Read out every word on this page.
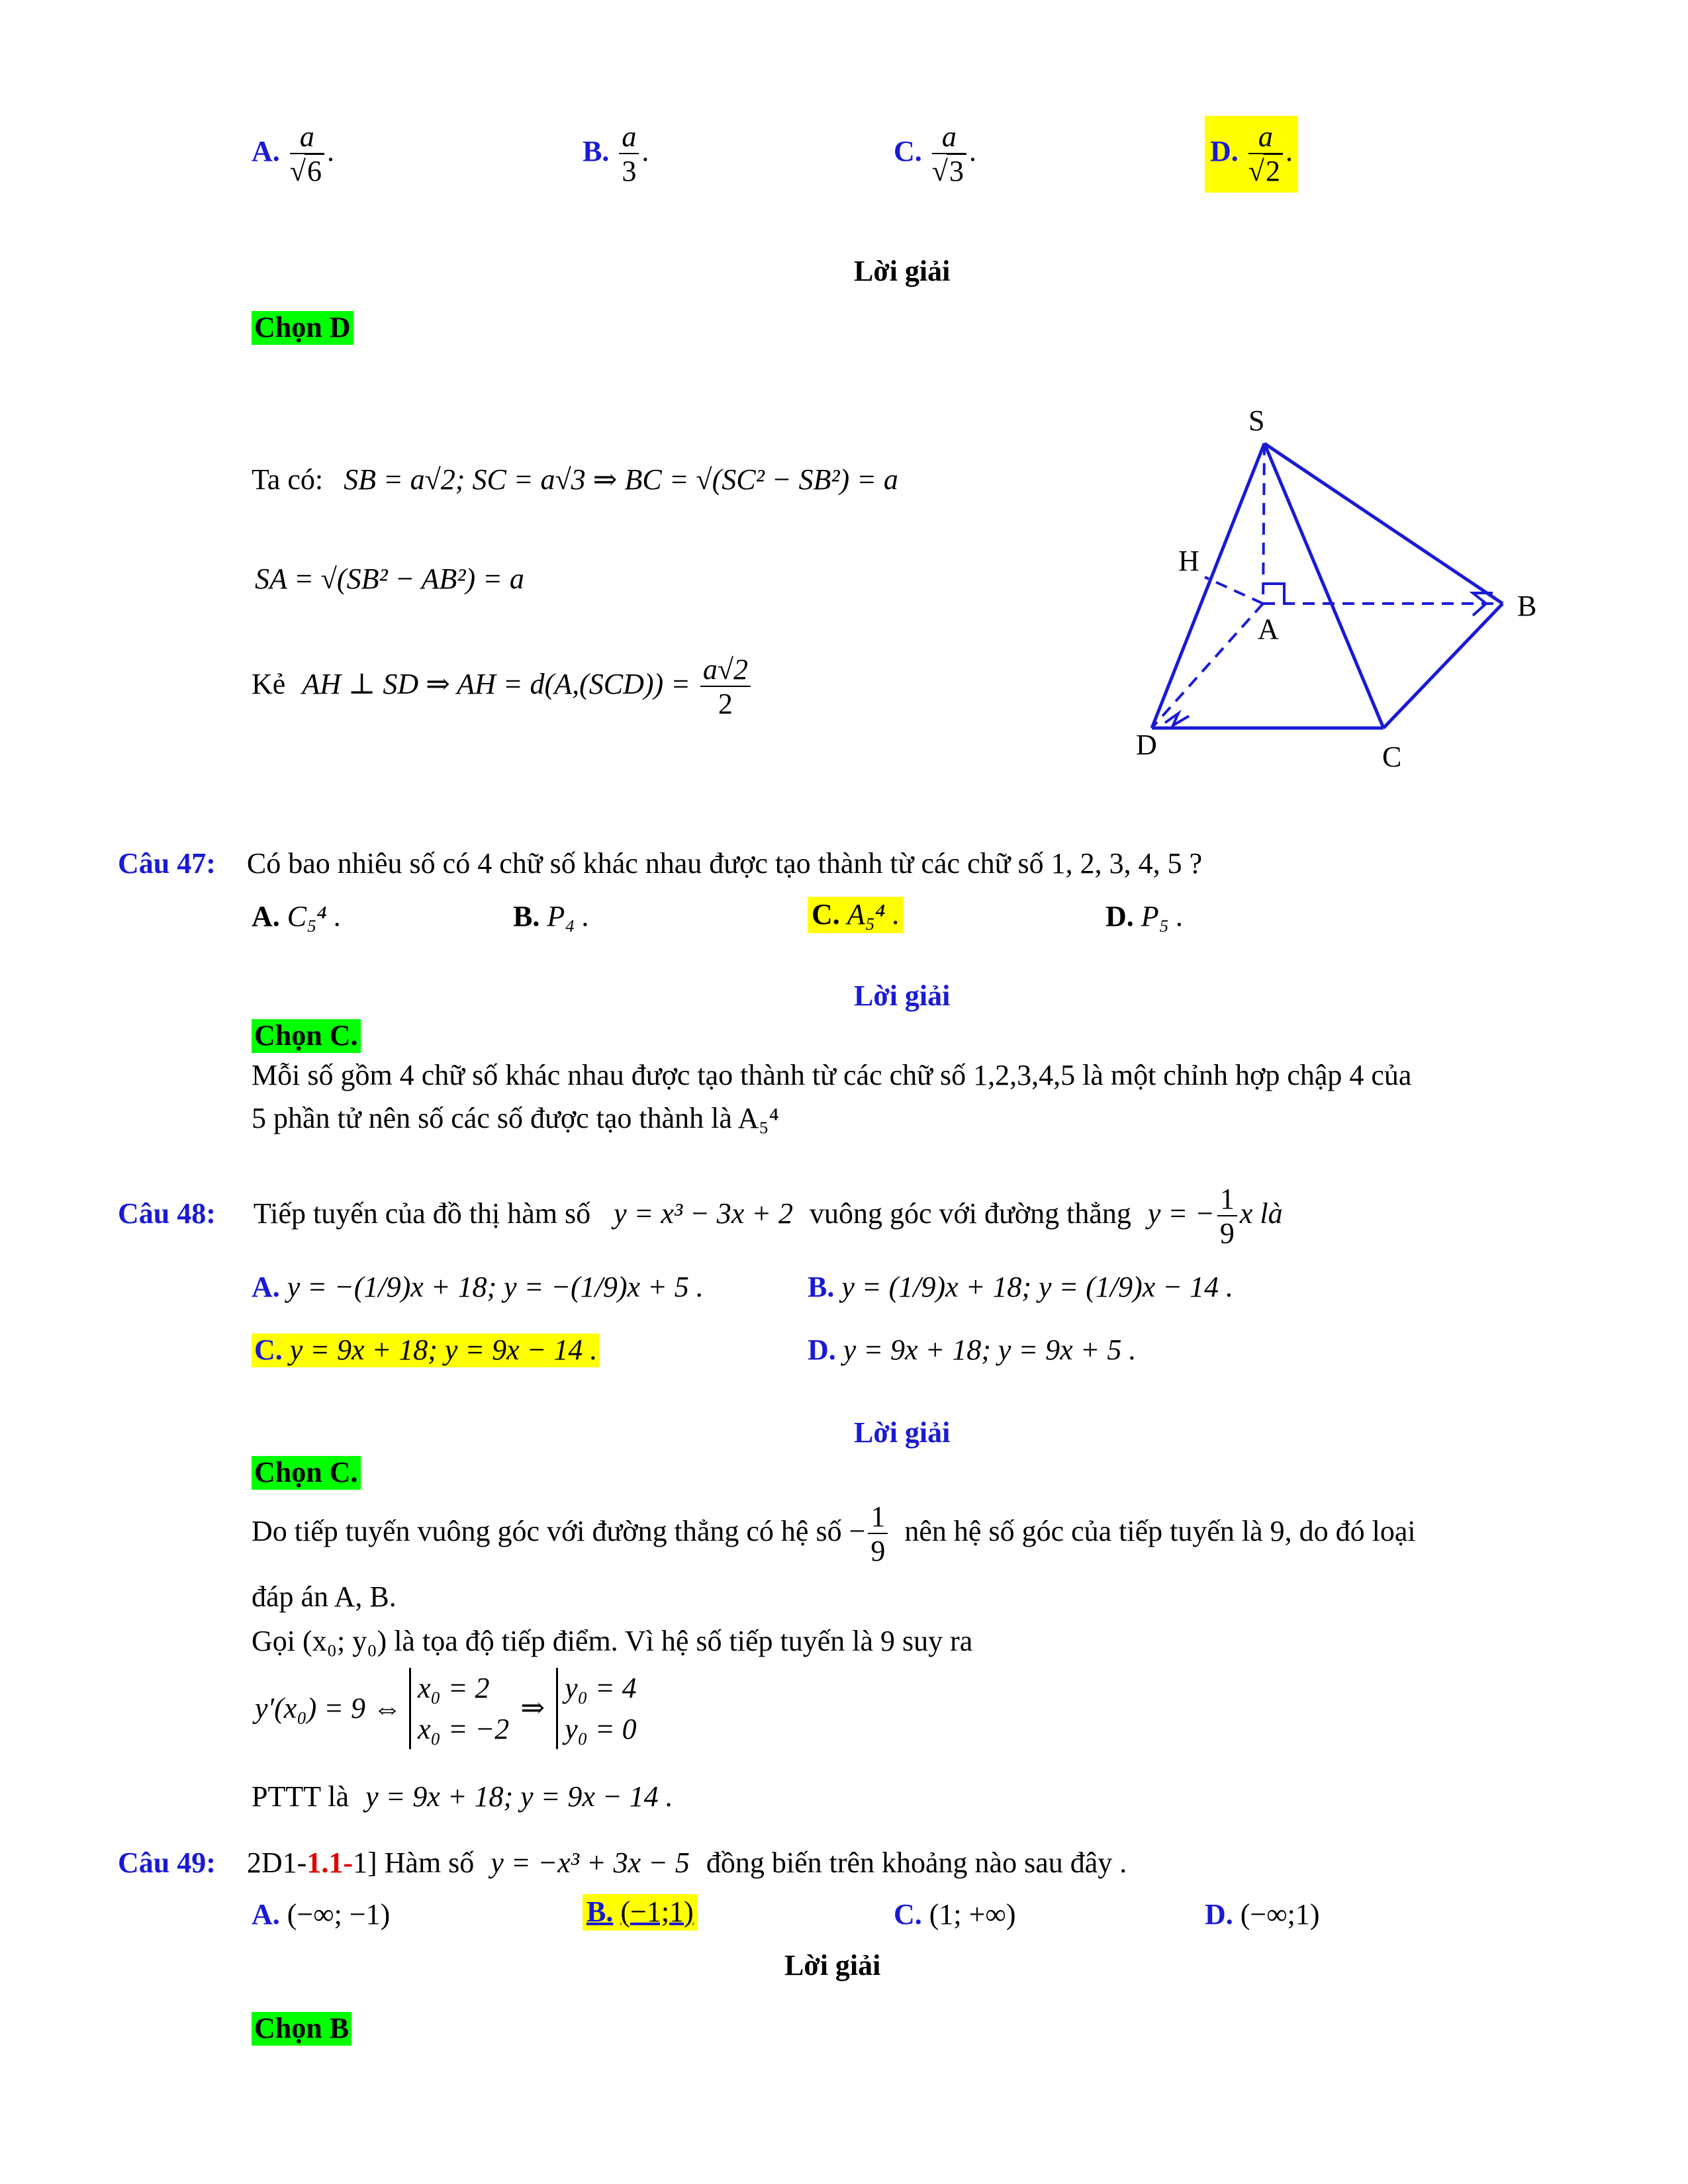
A. $\frac{a}{√6}$ .	B. $\frac{a}{3}$ .	C. $\frac{a}{√3}$ .	D. $\frac{a}{√2}$ .
Lời giải
Chọn D
Ta có: SB = a√2; SC = a√3 ⇒ BC = √(SC² − SB²) = a
SA = √(SB² − AB²) = a
Kẻ AH ⊥ SD ⇒ AH = $d(A,(SCD)) = \frac{a√2}{2}$
S
H
A
B
C
D
Câu 47: Có bao nhiêu số có 4 chữ số khác nhau được tạo thành từ các chữ số 1, 2, 3, 4, 5 ?
A. C₅⁴ .	B. P₄ .	C. A₅⁴ .	D. P₅ .
Lời giải
Chọn C.
Mỗi số gồm 4 chữ số khác nhau được tạo thành từ các chữ số 1,2,3,4,5 là một chỉnh hợp chập 4 của
5 phần tử nên số các số được tạo thành là A₅⁴
Câu 48: Tiếp tuyến của đồ thị hàm số y = x³ − 3x + 2 vuông góc với đường thẳng y = − $\frac{1}{9}$ x là
A. y = −(1/9)x + 18; y = −(1/9)x + 5 .	B. y = (1/9)x + 18; y = (1/9)x − 14 .
C. y = 9x + 18; y = 9x − 14 .	D. y = 9x + 18; y = 9x + 5 .
Lời giải
Chọn C.
Do tiếp tuyến vuông góc với đường thẳng có hệ số − $\frac{1}{9}$ nên hệ số góc của tiếp tuyến là 9, do đó loại
đáp án A, B.
Gọi (x₀; y₀) là tọa độ tiếp điểm. Vì hệ số tiếp tuyến là 9 suy ra
y′(x₀) = 9 ⇔
x₀ = 2
x₀ = −2
⇒
y₀ = 4
y₀ = 0
PTTT là y = 9x + 18; y = 9x − 14 .
Câu 49: 2D1-1.1-1] Hàm số y = −x³ + 3x − 5 đồng biến trên khoảng nào sau đây .
A. (−∞; −1)	B. (−1;1)	C. (1; +∞)	D. (−∞;1)
Lời giải
Chọn B
